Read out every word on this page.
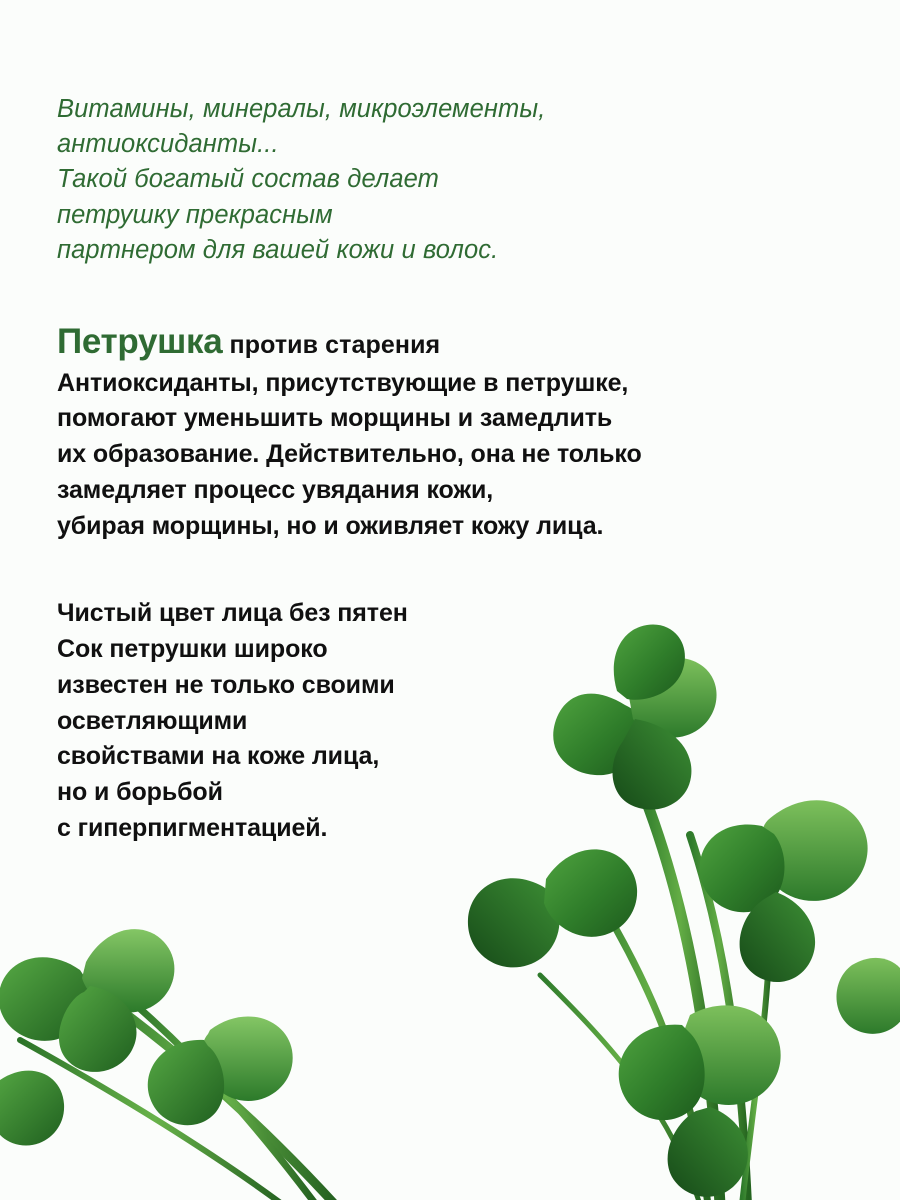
Витамины, минералы, микроэлементы,
антиоксиданты...
Такой богатый состав делает
петрушку прекрасным
партнером для вашей кожи и волос.

Петрушка против старения

Антиоксиданты, присутствующие в петрушке,
помогают уменьшить морщины и замедлить
их образование. Действительно, она не только
замедляет процесс увядания кожи,
убирая морщины, но и оживляет кожу лица.

Чистый цвет лица без пятен
Сок петрушки широко
известен не только своими
осветляющими
свойствами на коже лица,
но и борьбой
с гиперпигментацией.
